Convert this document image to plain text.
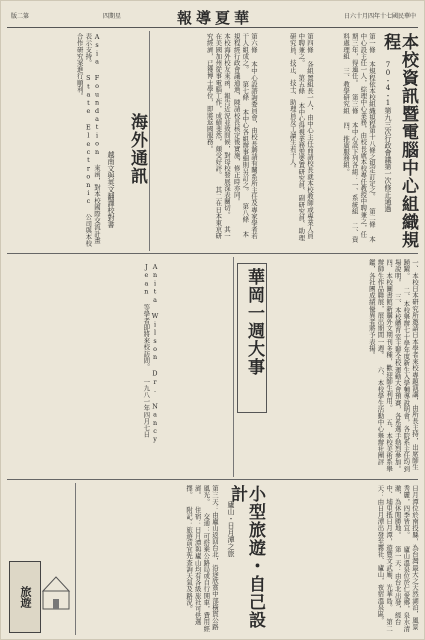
版二第	四期星	報導夏華	日六十月四年十七國民華中
本校資訊暨電腦中心組織規程
70・4・1第九三次行政會議第一次修正通過
第一條 本規程依本校組織規程第十八條之規定訂定之。 第二條 本中心設主任一人，綜理中心業務，由校長就本校專任教授中聘兼之，任期三年，得連任。 第三條 本中心設下列各組：一、系統組 二、資料處理組 三、教學研究組 四、推廣服務組。
第四條 各組置組長一人，由中心主任商請校長就本校教師或專業人員中聘兼之。 第五條 本中心得視業務需要置研究員、副研究員、助理研究員、技正、技士、助理員及工讀生若干人。
第六條 本中心設諮詢委員會，由校長聘請有關系所主任及專家學者若干人組成之。 第七條 本中心各組辦事細則另訂之。 第八條 本規程經行政會議通過，陳請校長核定後實施，修正時亦同。
華岡一週大事	一、本校日本研究所邀請日本學者來校專題演講，由所長主持，出席師生踴躍。 二、本校舉辦七十學年度新生入學輔導說明會，各院系主任均到場說明。 三、本校體育室主辦全校運動大會預賽，各系選手熱烈參加。 四、本校圖書館新購外文期刊多種，歡迎師生利用。 五、本校美術系舉辦師生作品聯展，展出期間一週。 六、本校學生活動中心舉辦社團評鑑，各社團成績優異者將予表揚。
海外通訊
越南文與英文翻譯校對書	本校海外校友來函，報告近況並致問候，對母校發展深表關切。 其一在美國加州從事電腦工作，成績斐然，頗受好評。 其二在日本東京研究經濟，已獲博士學位，即將返國服務。
Asia Foundation 來函，對本校國際交流計畫表示支持。 State Electronic 公司與本校合作研究案進行順利。
Anita Wilson Dr. Nancy Jean 等學者即將來校訪問。 一九八一年四月七日
小型旅遊・自己設計
廬山・日月潭之旅	日月潭位於南投縣，為台灣最大之天然湖泊，風景秀麗，四季皆宜。 廬山溫泉位於仁愛鄉，泉水清澈，為休閒勝地。 第一天：由台北出發，經台中、埔里抵日月潭，遊覽文武廟、光華島。 第二天：由日月潭出發至霧社、廬山，夜宿溫泉區。
第三天：由廬山返回台北，沿途欣賞中部橫貫公路風光。 交通：可搭乘公路局或自行開車，費用經濟。 住宿：日月潭與廬山均有各級旅社可供選擇。 附記：旅遊前宜先查詢天氣及路況。
旅遊
